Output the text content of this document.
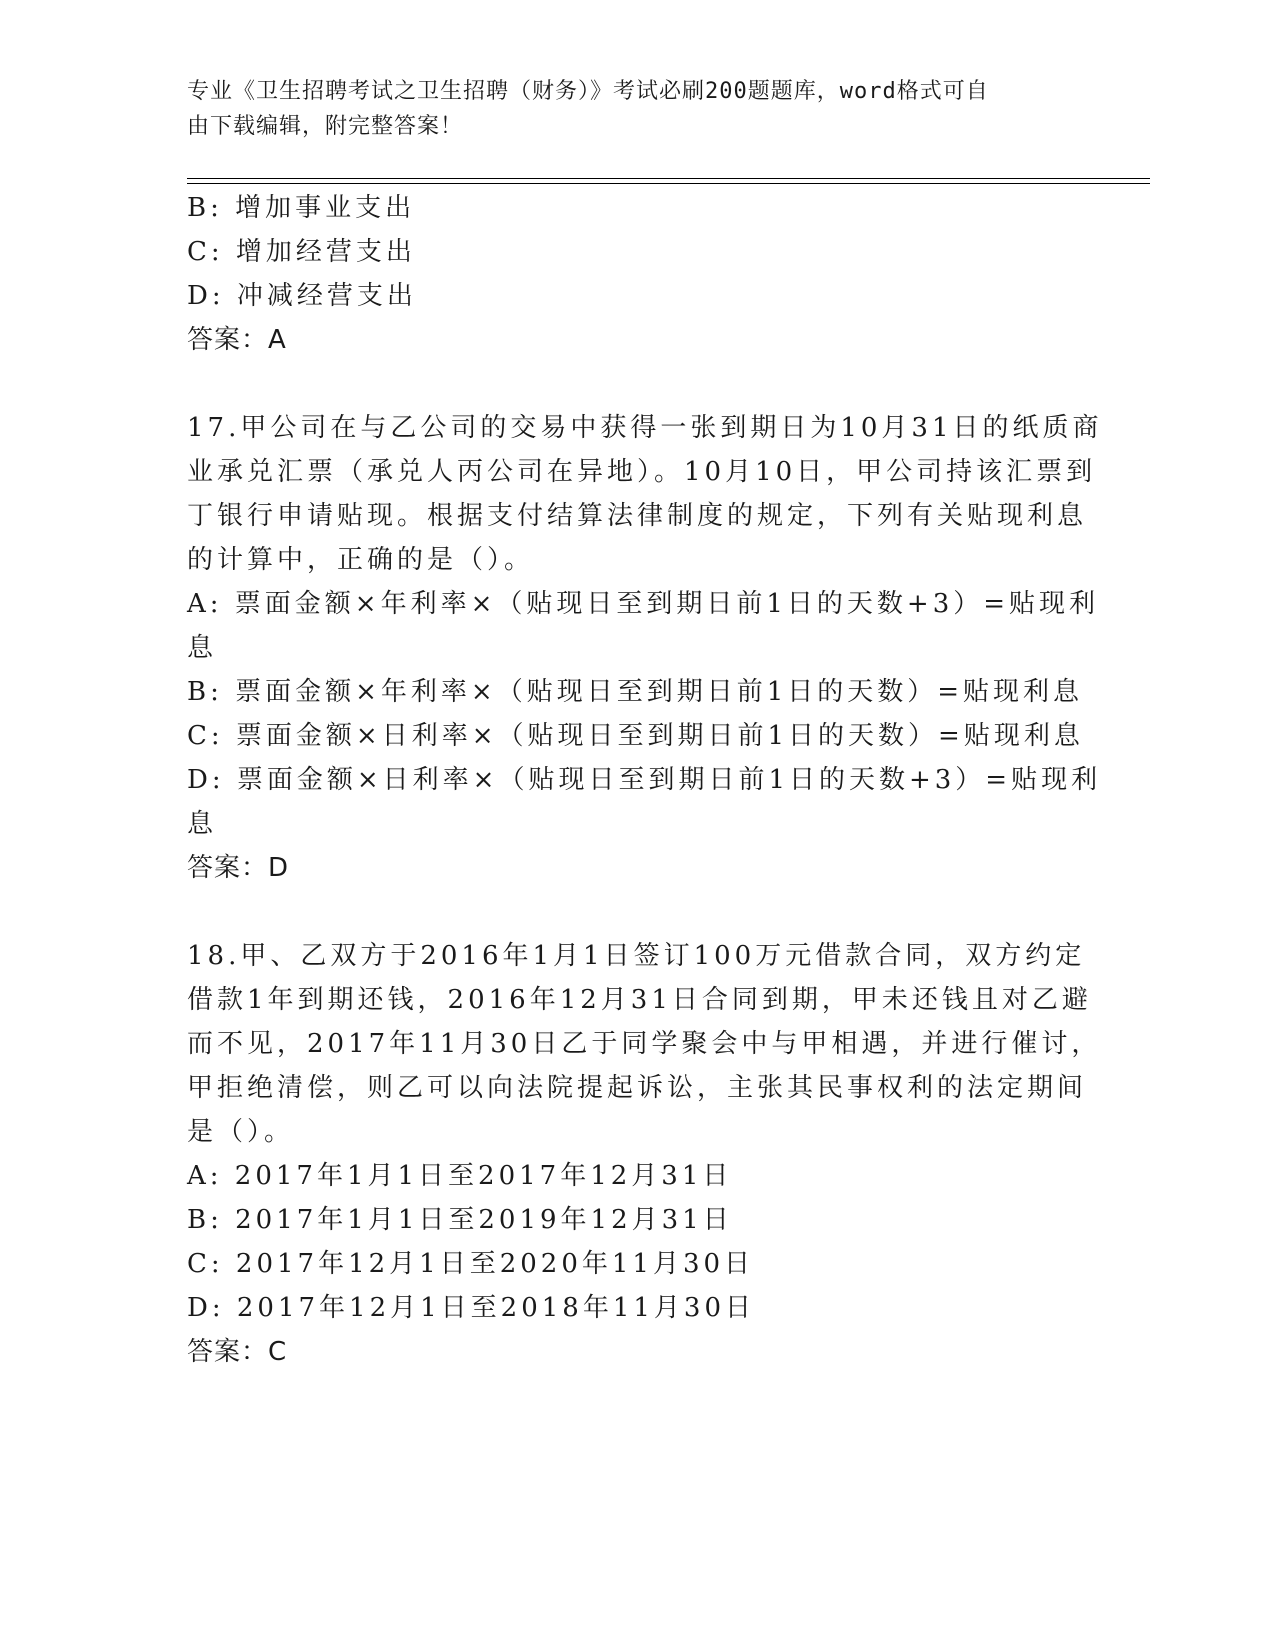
专业《卫生招聘考试之卫生招聘（财务）》考试必刷200题题库，word格式可自
由下载编辑，附完整答案！
B: 增加事业支出
C: 增加经营支出
D: 冲减经营支出
答案：A
17.甲公司在与乙公司的交易中获得一张到期日为10月31日的纸质商
业承兑汇票（承兑人丙公司在异地）。10月10日，甲公司持该汇票到
丁银行申请贴现。根据支付结算法律制度的规定，下列有关贴现利息
的计算中，正确的是（）。
A: 票面金额×年利率×（贴现日至到期日前1日的天数+3）=贴现利
息
B: 票面金额×年利率×（贴现日至到期日前1日的天数）=贴现利息
C: 票面金额×日利率×（贴现日至到期日前1日的天数）=贴现利息
D: 票面金额×日利率×（贴现日至到期日前1日的天数+3）=贴现利
息
答案：D
18.甲、乙双方于2016年1月1日签订100万元借款合同，双方约定
借款1年到期还钱，2016年12月31日合同到期，甲未还钱且对乙避
而不见，2017年11月30日乙于同学聚会中与甲相遇，并进行催讨，
甲拒绝清偿，则乙可以向法院提起诉讼，主张其民事权利的法定期间
是（）。
A: 2017年1月1日至2017年12月31日
B: 2017年1月1日至2019年12月31日
C: 2017年12月1日至2020年11月30日
D: 2017年12月1日至2018年11月30日
答案：C
